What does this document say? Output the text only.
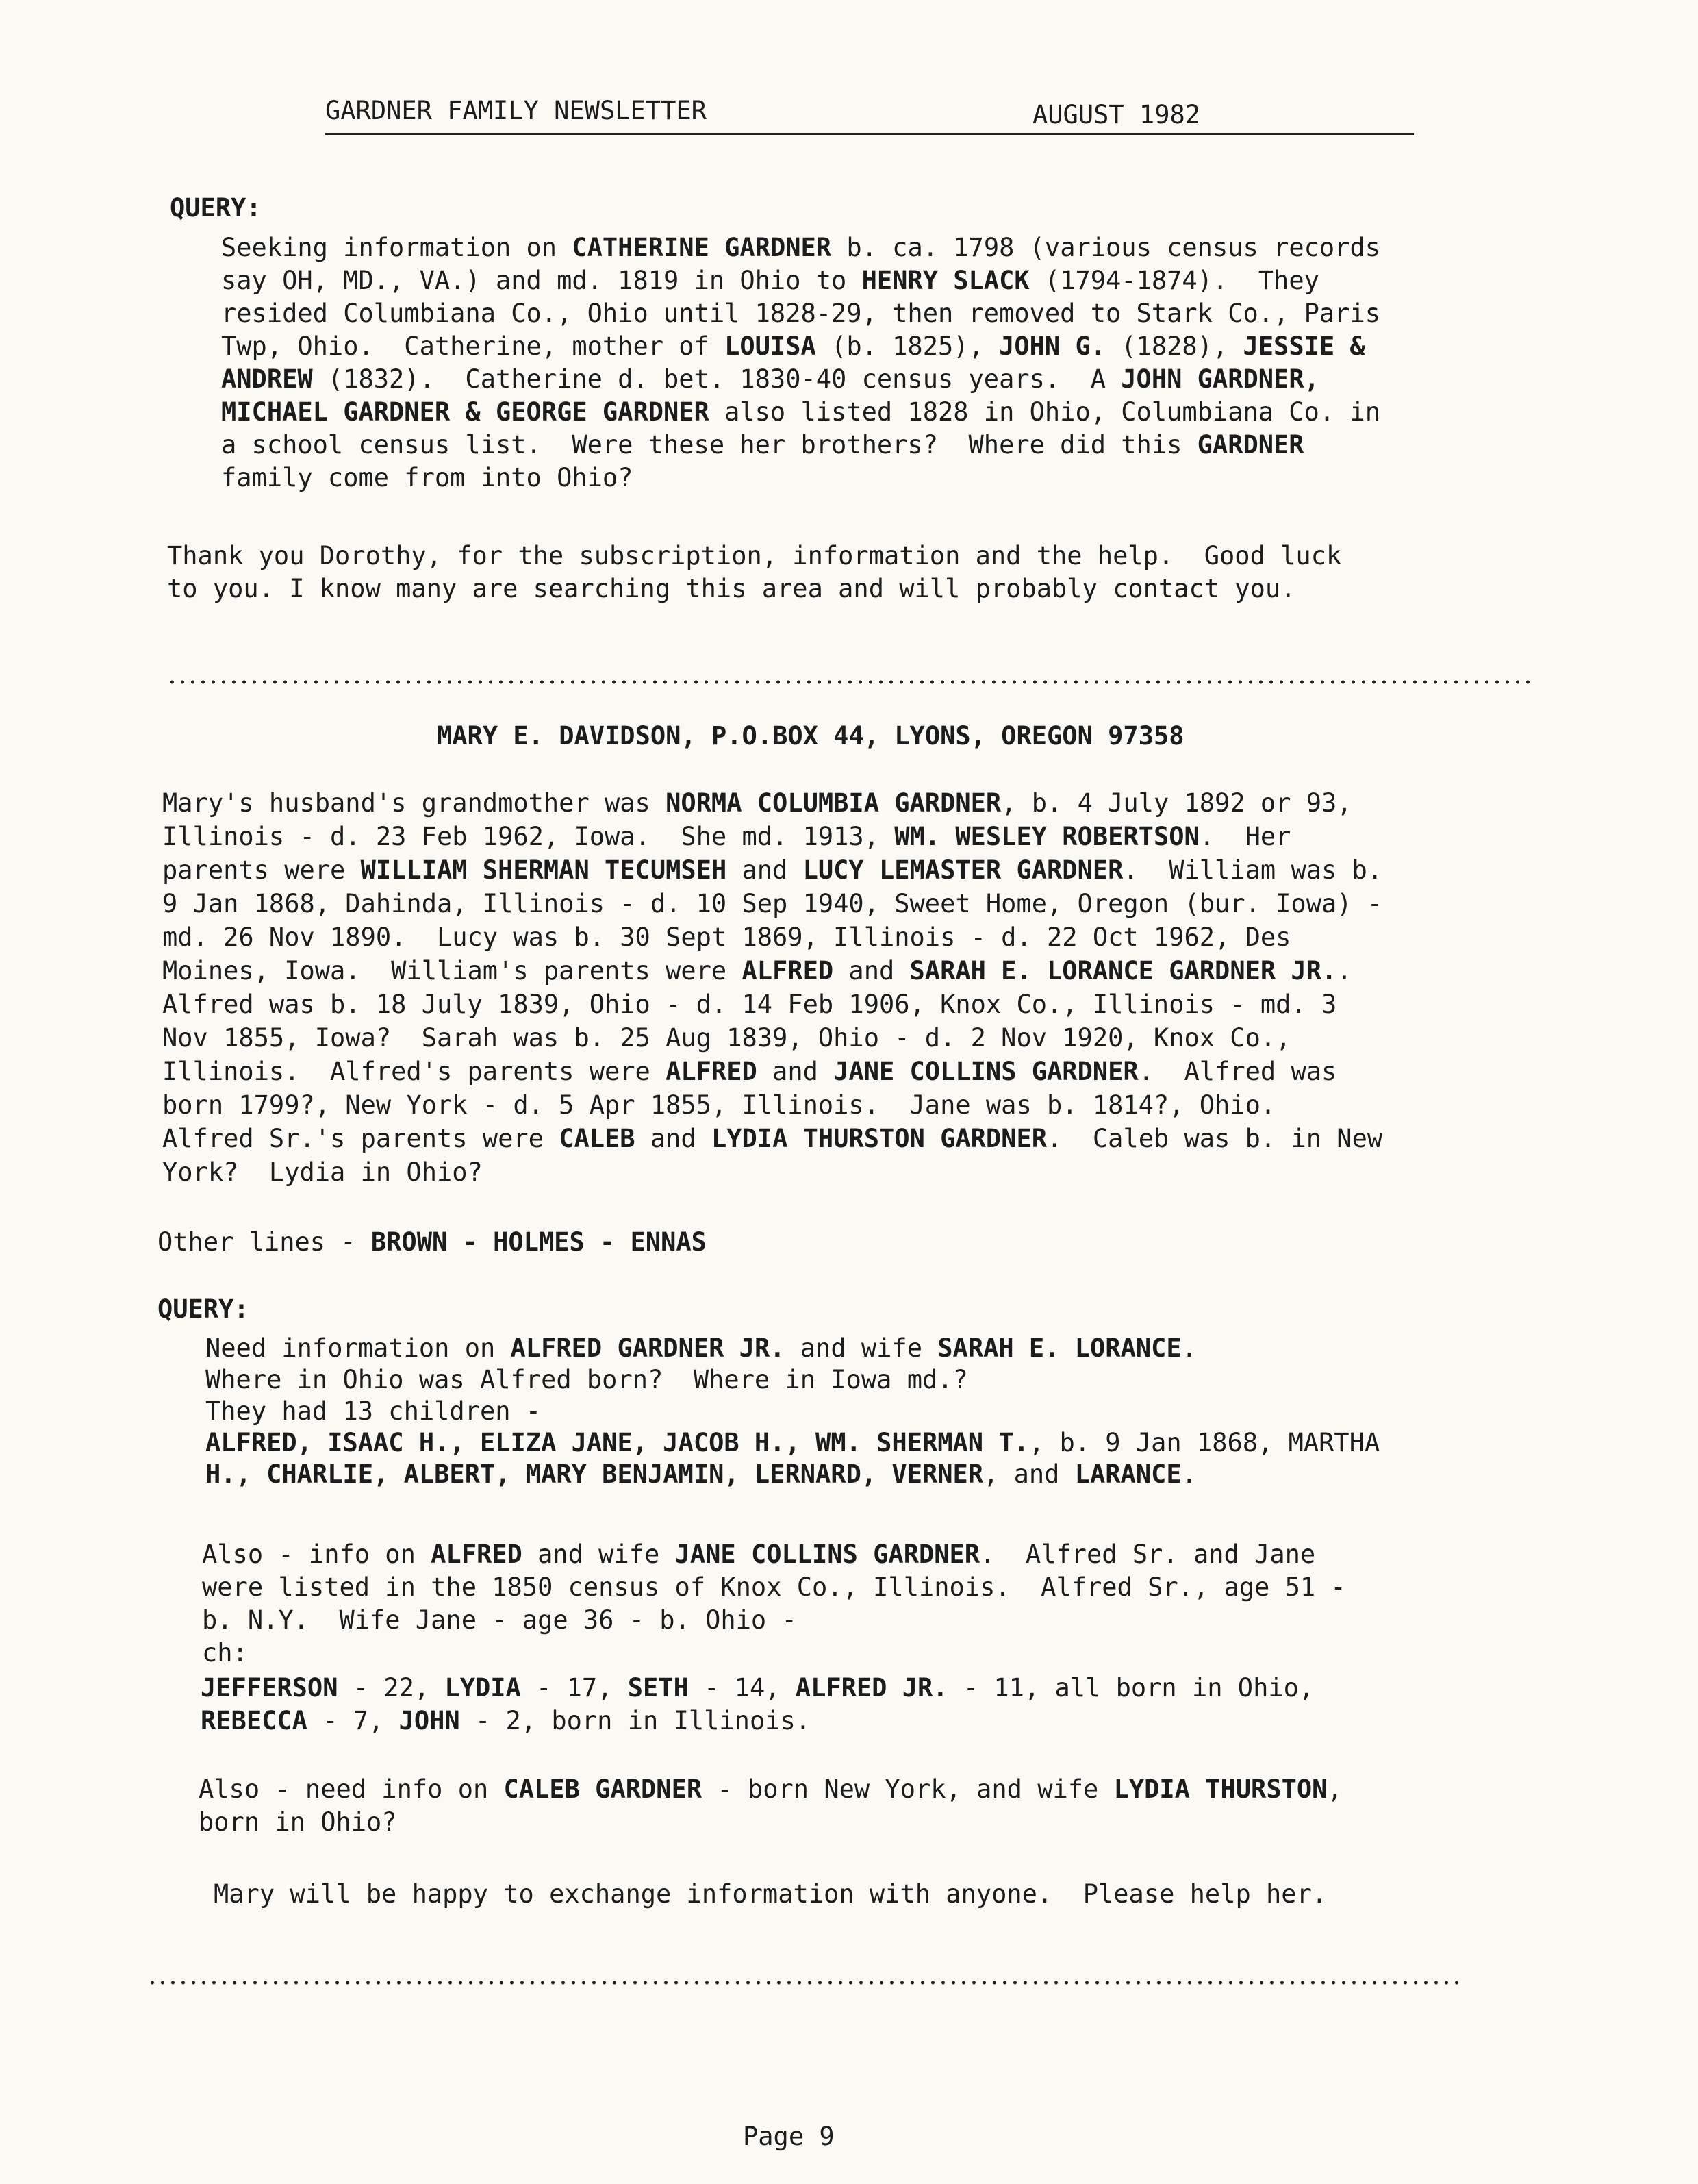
GARDNER FAMILY NEWSLETTER	AUGUST 1982
QUERY:
Seeking information on CATHERINE GARDNER b. ca. 1798 (various census records
say OH, MD., VA.) and md. 1819 in Ohio to HENRY SLACK (1794-1874).  They
resided Columbiana Co., Ohio until 1828-29, then removed to Stark Co., Paris
Twp, Ohio.  Catherine, mother of LOUISA (b. 1825), JOHN G. (1828), JESSIE &
ANDREW (1832).  Catherine d. bet. 1830-40 census years.  A JOHN GARDNER,
MICHAEL GARDNER & GEORGE GARDNER also listed 1828 in Ohio, Columbiana Co. in
a school census list.  Were these her brothers?  Where did this GARDNER
family come from into Ohio?
Thank you Dorothy, for the subscription, information and the help.  Good luck
to you. I know many are searching this area and will probably contact you.
MARY E. DAVIDSON, P.O.BOX 44, LYONS, OREGON 97358
Mary's husband's grandmother was NORMA COLUMBIA GARDNER, b. 4 July 1892 or 93,
Illinois - d. 23 Feb 1962, Iowa.  She md. 1913, WM. WESLEY ROBERTSON.  Her
parents were WILLIAM SHERMAN TECUMSEH and LUCY LEMASTER GARDNER.  William was b.
9 Jan 1868, Dahinda, Illinois - d. 10 Sep 1940, Sweet Home, Oregon (bur. Iowa) -
md. 26 Nov 1890.  Lucy was b. 30 Sept 1869, Illinois - d. 22 Oct 1962, Des
Moines, Iowa.  William's parents were ALFRED and SARAH E. LORANCE GARDNER JR..
Alfred was b. 18 July 1839, Ohio - d. 14 Feb 1906, Knox Co., Illinois - md. 3
Nov 1855, Iowa?  Sarah was b. 25 Aug 1839, Ohio - d. 2 Nov 1920, Knox Co.,
Illinois.  Alfred's parents were ALFRED and JANE COLLINS GARDNER.  Alfred was
born 1799?, New York - d. 5 Apr 1855, Illinois.  Jane was b. 1814?, Ohio.
Alfred Sr.'s parents were CALEB and LYDIA THURSTON GARDNER.  Caleb was b. in New
York?  Lydia in Ohio?
Other lines - BROWN - HOLMES - ENNAS
QUERY:
Need information on ALFRED GARDNER JR. and wife SARAH E. LORANCE.
Where in Ohio was Alfred born?  Where in Iowa md.?
They had 13 children -
ALFRED, ISAAC H., ELIZA JANE, JACOB H., WM. SHERMAN T., b. 9 Jan 1868, MARTHA
H., CHARLIE, ALBERT, MARY BENJAMIN, LERNARD, VERNER, and LARANCE.
Also - info on ALFRED and wife JANE COLLINS GARDNER.  Alfred Sr. and Jane
were listed in the 1850 census of Knox Co., Illinois.  Alfred Sr., age 51 -
b. N.Y.  Wife Jane - age 36 - b. Ohio -
ch:
JEFFERSON - 22, LYDIA - 17, SETH - 14, ALFRED JR. - 11, all born in Ohio,
REBECCA - 7, JOHN - 2, born in Illinois.
Also - need info on CALEB GARDNER - born New York, and wife LYDIA THURSTON,
born in Ohio?
Mary will be happy to exchange information with anyone.  Please help her.
Page 9
